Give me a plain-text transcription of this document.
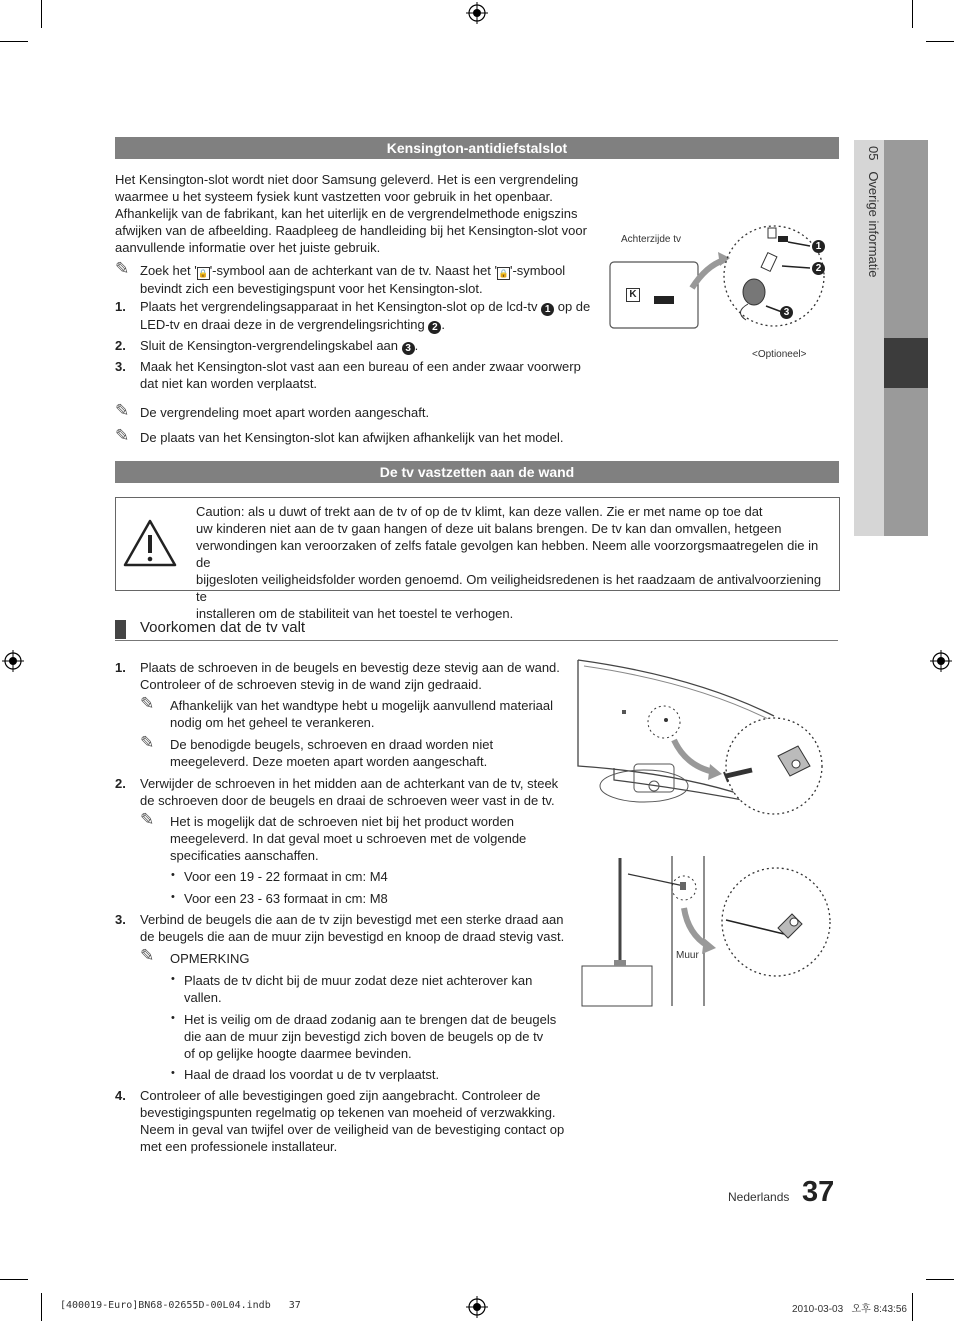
05   Overige informatie
Kensington-antidiefstalslot
Het Kensington-slot wordt niet door Samsung geleverd. Het is een vergrendeling
waarmee u het systeem fysiek kunt vastzetten voor gebruik in het openbaar.
Afhankelijk van de fabrikant, kan het uiterlijk en de vergrendelmethode enigszins
afwijken van de afbeelding. Raadpleeg de handleiding bij het Kensington-slot voor
aanvullende informatie over het juiste gebruik.
✎ Zoek het ' 🔒 '-symbool aan de achterkant van de tv. Naast het ' 🔒 '-symbool
bevindt zich een bevestigingspunt voor het Kensington-slot.
1. Plaats het vergrendelingsapparaat in het Kensington-slot op de lcd-tv 1 op de
LED-tv en draai deze in de vergrendelingsrichting 2 .
2. Sluit de Kensington-vergrendelingskabel aan 3 .
3. Maak het Kensington-slot vast aan een bureau of een ander zwaar voorwerp
dat niet kan worden verplaatst.
✎ De vergrendeling moet apart worden aangeschaft.
✎ De plaats van het Kensington-slot kan afwijken afhankelijk van het model.
Achterzijde tv
<Optioneel>
K
1
2
3
De tv vastzetten aan de wand
Caution: als u duwt of trekt aan de tv of op de tv klimt, kan deze vallen. Zie er met name op toe dat
uw kinderen niet aan de tv gaan hangen of deze uit balans brengen. De tv kan dan omvallen, hetgeen
verwondingen kan veroorzaken of zelfs fatale gevolgen kan hebben. Neem alle voorzorgsmaatregelen die in de
bijgesloten veiligheidsfolder worden genoemd. Om veiligheidsredenen is het raadzaam de antivalvoorziening te
installeren om de stabiliteit van het toestel te verhogen.
Voorkomen dat de tv valt
1. Plaats de schroeven in de beugels en bevestig deze stevig aan de wand.
Controleer of de schroeven stevig in de wand zijn gedraaid.
✎ Afhankelijk van het wandtype hebt u mogelijk aanvullend materiaal
nodig om het geheel te verankeren.
✎ De benodigde beugels, schroeven en draad worden niet
meegeleverd. Deze moeten apart worden aangeschaft.
2. Verwijder de schroeven in het midden aan de achterkant van de tv, steek
de schroeven door de beugels en draai de schroeven weer vast in de tv.
✎ Het is mogelijk dat de schroeven niet bij het product worden
meegeleverd. In dat geval moet u schroeven met de volgende
specificaties aanschaffen.
• Voor een 19 - 22 formaat in cm: M4
• Voor een 23 - 63 formaat in cm: M8
3. Verbind de beugels die aan de tv zijn bevestigd met een sterke draad aan
de beugels die aan de muur zijn bevestigd en knoop de draad stevig vast.
✎ OPMERKING
• Plaats de tv dicht bij de muur zodat deze niet achterover kan
vallen.
• Het is veilig om de draad zodanig aan te brengen dat de beugels
die aan de muur zijn bevestigd zich boven de beugels op de tv
of op gelijke hoogte daarmee bevinden.
• Haal de draad los voordat u de tv verplaatst.
4. Controleer of alle bevestigingen goed zijn aangebracht. Controleer de
bevestigingspunten regelmatig op tekenen van moeheid of verzwakking.
Neem in geval van twijfel over de veiligheid van de bevestiging contact op
met een professionele installateur.
Muur
Nederlands 37
[400019-Euro]BN68-02655D-00L04.indb   37	2010-03-03   오후 8:43:56
